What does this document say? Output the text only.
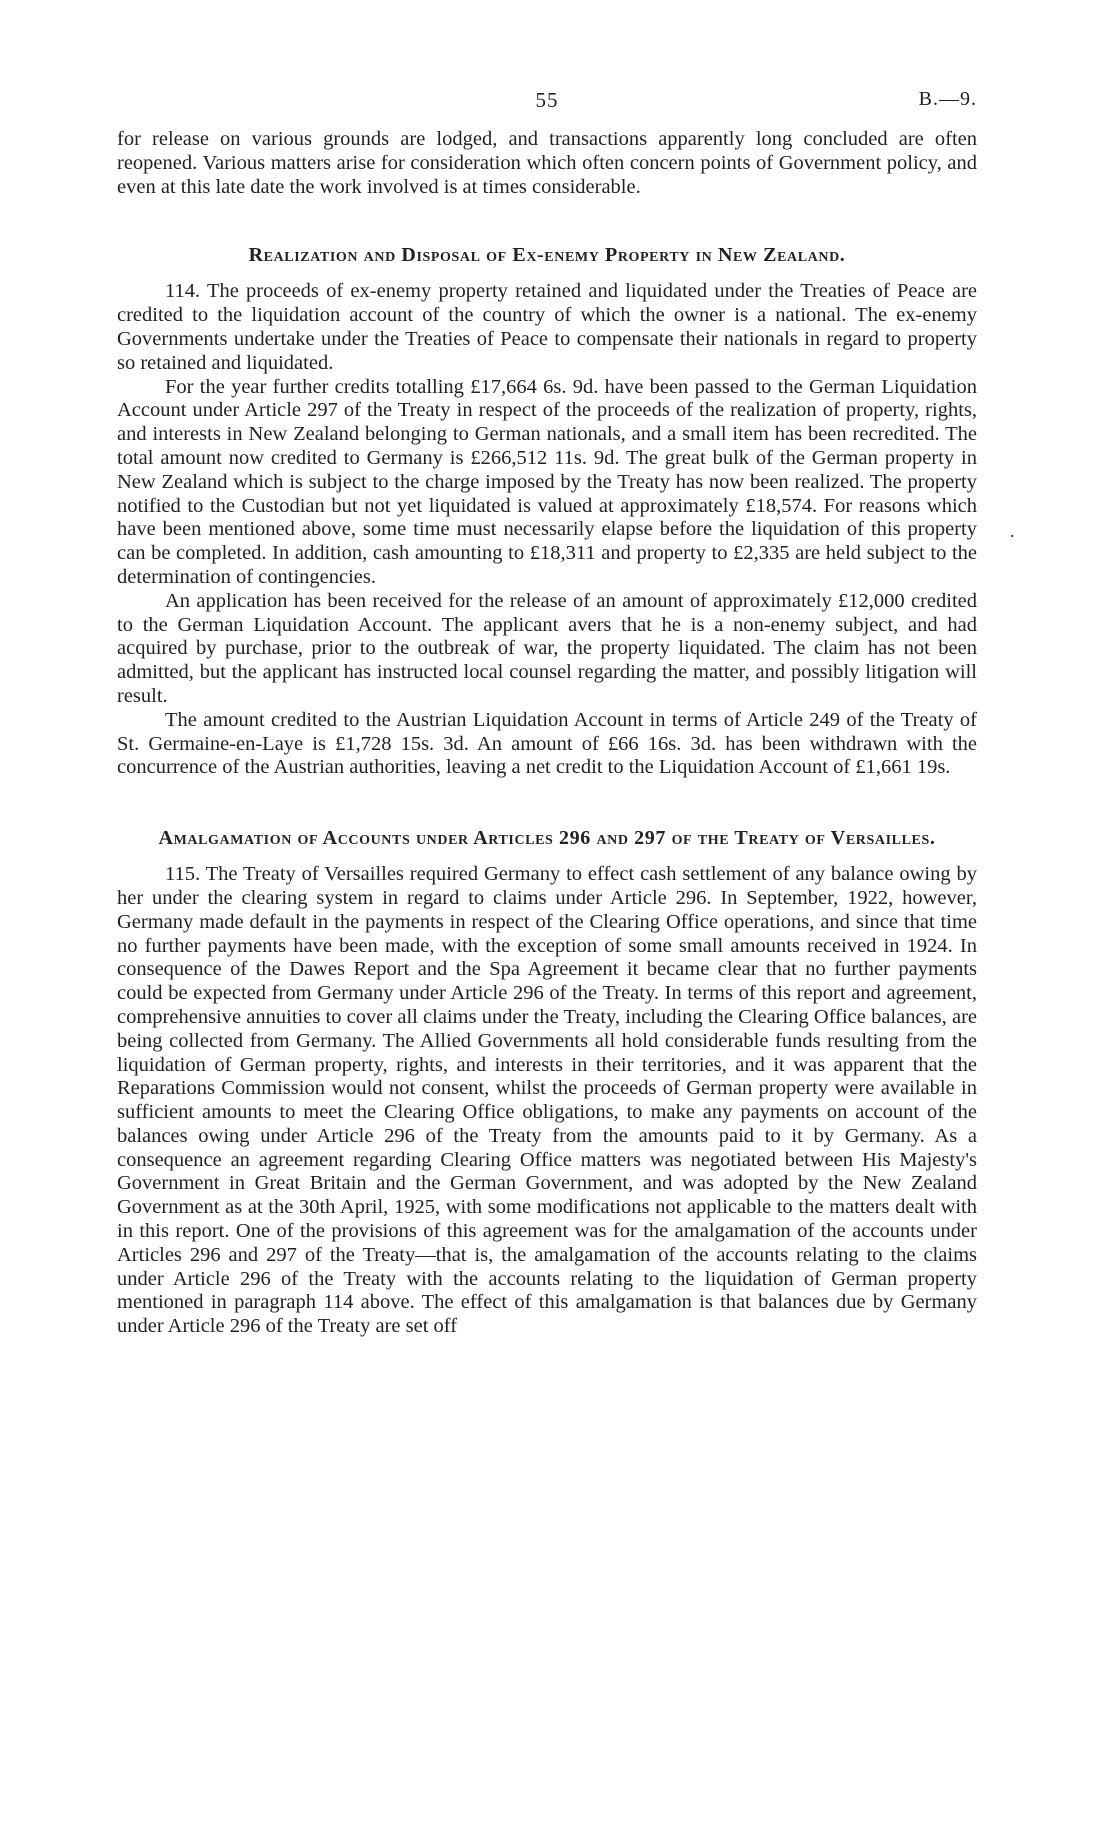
55	B.—9.

for release on various grounds are lodged, and transactions apparently long concluded are often reopened. Various matters arise for consideration which often concern points of Government policy, and even at this late date the work involved is at times considerable.

Realization and Disposal of Ex-enemy Property in New Zealand.

114. The proceeds of ex-enemy property retained and liquidated under the Treaties of Peace are credited to the liquidation account of the country of which the owner is a national. The ex-enemy Governments undertake under the Treaties of Peace to compensate their nationals in regard to property so retained and liquidated.

For the year further credits totalling £17,664 6s. 9d. have been passed to the German Liquidation Account under Article 297 of the Treaty in respect of the proceeds of the realization of property, rights, and interests in New Zealand belonging to German nationals, and a small item has been recredited. The total amount now credited to Germany is £266,512 11s. 9d. The great bulk of the German property in New Zealand which is subject to the charge imposed by the Treaty has now been realized. The property notified to the Custodian but not yet liquidated is valued at approximately £18,574. For reasons which have been mentioned above, some time must necessarily elapse before the liquidation of this property can be completed. In addition, cash amounting to £18,311 and property to £2,335 are held subject to the determination of contingencies.

An application has been received for the release of an amount of approximately £12,000 credited to the German Liquidation Account. The applicant avers that he is a non-enemy subject, and had acquired by purchase, prior to the outbreak of war, the property liquidated. The claim has not been admitted, but the applicant has instructed local counsel regarding the matter, and possibly litigation will result.

The amount credited to the Austrian Liquidation Account in terms of Article 249 of the Treaty of St. Germaine-en-Laye is £1,728 15s. 3d. An amount of £66 16s. 3d. has been withdrawn with the concurrence of the Austrian authorities, leaving a net credit to the Liquidation Account of £1,661 19s.

Amalgamation of Accounts under Articles 296 and 297 of the Treaty of Versailles.

115. The Treaty of Versailles required Germany to effect cash settlement of any balance owing by her under the clearing system in regard to claims under Article 296. In September, 1922, however, Germany made default in the payments in respect of the Clearing Office operations, and since that time no further payments have been made, with the exception of some small amounts received in 1924. In consequence of the Dawes Report and the Spa Agreement it became clear that no further payments could be expected from Germany under Article 296 of the Treaty. In terms of this report and agreement, comprehensive annuities to cover all claims under the Treaty, including the Clearing Office balances, are being collected from Germany. The Allied Governments all hold considerable funds resulting from the liquidation of German property, rights, and interests in their territories, and it was apparent that the Reparations Commission would not consent, whilst the proceeds of German property were available in sufficient amounts to meet the Clearing Office obligations, to make any payments on account of the balances owing under Article 296 of the Treaty from the amounts paid to it by Germany. As a consequence an agreement regarding Clearing Office matters was negotiated between His Majesty's Government in Great Britain and the German Government, and was adopted by the New Zealand Government as at the 30th April, 1925, with some modifications not applicable to the matters dealt with in this report. One of the provisions of this agreement was for the amalgamation of the accounts under Articles 296 and 297 of the Treaty—that is, the amalgamation of the accounts relating to the claims under Article 296 of the Treaty with the accounts relating to the liquidation of German property mentioned in paragraph 114 above. The effect of this amalgamation is that balances due by Germany under Article 296 of the Treaty are set off

.
